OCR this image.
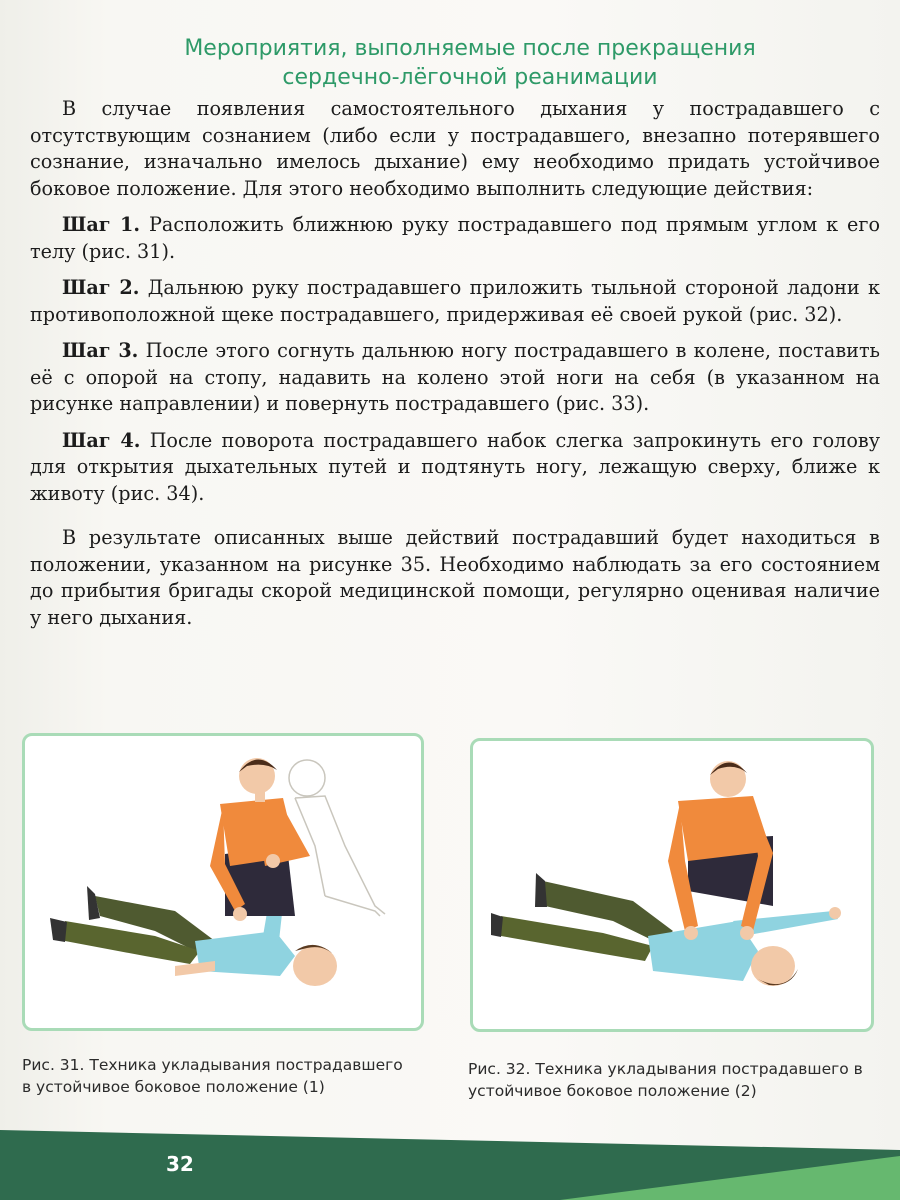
Мероприятия, выполняемые после прекращения
сердечно-лёгочной реанимации

В случае появления самостоятельного дыхания у пострадавшего с отсутствующим сознанием (либо если у пострадавшего, внезапно потерявшего сознание, изначально имелось дыхание) ему необходимо придать устойчивое боковое положение. Для этого необходимо выполнить следующие действия:

Шаг 1. Расположить ближнюю руку пострадавшего под прямым углом к его телу (рис. 31).

Шаг 2. Дальнюю руку пострадавшего приложить тыльной стороной ладони к противоположной щеке пострадавшего, придерживая её своей рукой (рис. 32).

Шаг 3. После этого согнуть дальнюю ногу пострадавшего в колене, поставить её с опорой на стопу, надавить на колено этой ноги на себя (в указанном на рисунке направлении) и повернуть пострадавшего (рис. 33).

Шаг 4. После поворота пострадавшего набок слегка запрокинуть его голову для открытия дыхательных путей и подтянуть ногу, лежащую сверху, ближе к животу (рис. 34).

В результате описанных выше действий пострадавший будет находиться в положении, указанном на рисунке 35. Необходимо наблюдать за его состоянием до прибытия бригады скорой медицинской помощи, регулярно оценивая наличие у него дыхания.

Рис. 31. Техника укладывания пострадавшего в устойчивое боковое положение (1)
Рис. 32. Техника укладывания пострадавшего в устойчивое боковое положение (2)
32
